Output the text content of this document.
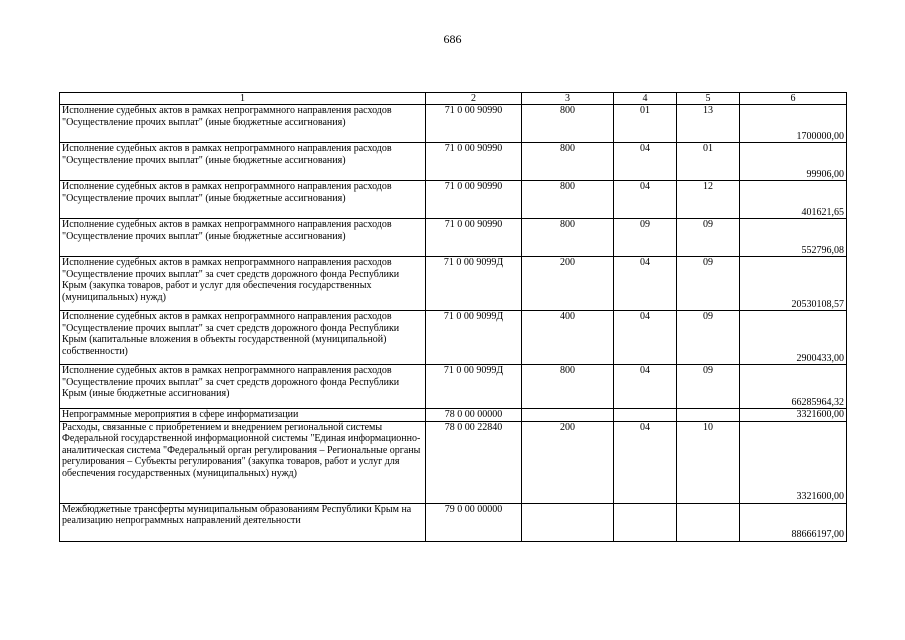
686
1	2	3	4	5	6
Исполнение судебных актов в рамках непрограммного направления расходов "Осуществление прочих выплат" (иные бюджетные ассигнования)	71 0 00 90990	800	01	13	1700000,00
Исполнение судебных актов в рамках непрограммного направления расходов "Осуществление прочих выплат" (иные бюджетные ассигнования)	71 0 00 90990	800	04	01	99906,00
Исполнение судебных актов в рамках непрограммного направления расходов "Осуществление прочих выплат" (иные бюджетные ассигнования)	71 0 00 90990	800	04	12	401621,65
Исполнение судебных актов в рамках непрограммного направления расходов "Осуществление прочих выплат" (иные бюджетные ассигнования)	71 0 00 90990	800	09	09	552796,08
Исполнение судебных актов в рамках непрограммного направления расходов "Осуществление прочих выплат" за счет средств дорожного фонда Республики Крым (закупка товаров, работ и услуг для обеспечения государственных (муниципальных) нужд)	71 0 00 9099Д	200	04	09	20530108,57
Исполнение судебных актов в рамках непрограммного направления расходов "Осуществление прочих выплат" за счет средств дорожного фонда Республики Крым (капитальные вложения в объекты государственной (муниципальной) собственности)	71 0 00 9099Д	400	04	09	2900433,00
Исполнение судебных актов в рамках непрограммного направления расходов "Осуществление прочих выплат" за счет средств дорожного фонда Республики Крым (иные бюджетные ассигнования)	71 0 00 9099Д	800	04	09	66285964,32
Непрограммные мероприятия в сфере информатизации	78 0 00 00000				3321600,00
Расходы, связанные с приобретением и внедрением региональной системы Федеральной государственной информационной системы "Единая информационно-аналитическая система "Федеральный орган регулирования – Региональные органы регулирования – Субъекты регулирования" (закупка товаров, работ и услуг для обеспечения государственных (муниципальных) нужд)	78 0 00 22840	200	04	10	3321600,00
Межбюджетные трансферты муниципальным образованиям Республики Крым на реализацию непрограммных направлений деятельности	79 0 00 00000				88666197,00
